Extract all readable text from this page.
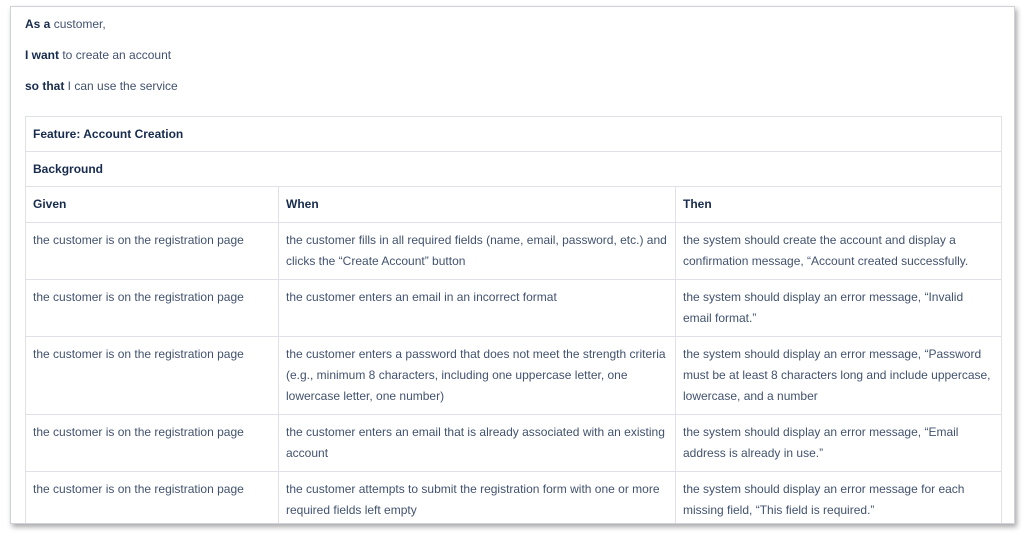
As a customer,

I want to create an account

so that I can use the service

Feature: Account Creation		
Background		
Given	When	Then
the customer is on the registration page	the customer fills in all required fields (name, email, password, etc.) and clicks the “Create Account” button	the system should create the account and display a confirmation message, “Account created successfully.
the customer is on the registration page	the customer enters an email in an incorrect format	the system should display an error message, “Invalid email format.”
the customer is on the registration page	the customer enters a password that does not meet the strength criteria (e.g., minimum 8 characters, including one uppercase letter, one lowercase letter, one number)	the system should display an error message, “Password must be at least 8 characters long and include uppercase, lowercase, and a number
the customer is on the registration page	the customer enters an email that is already associated with an existing account	the system should display an error message, “Email address is already in use.”
the customer is on the registration page	the customer attempts to submit the registration form with one or more required fields left empty	the system should display an error message for each missing field, “This field is required.”
